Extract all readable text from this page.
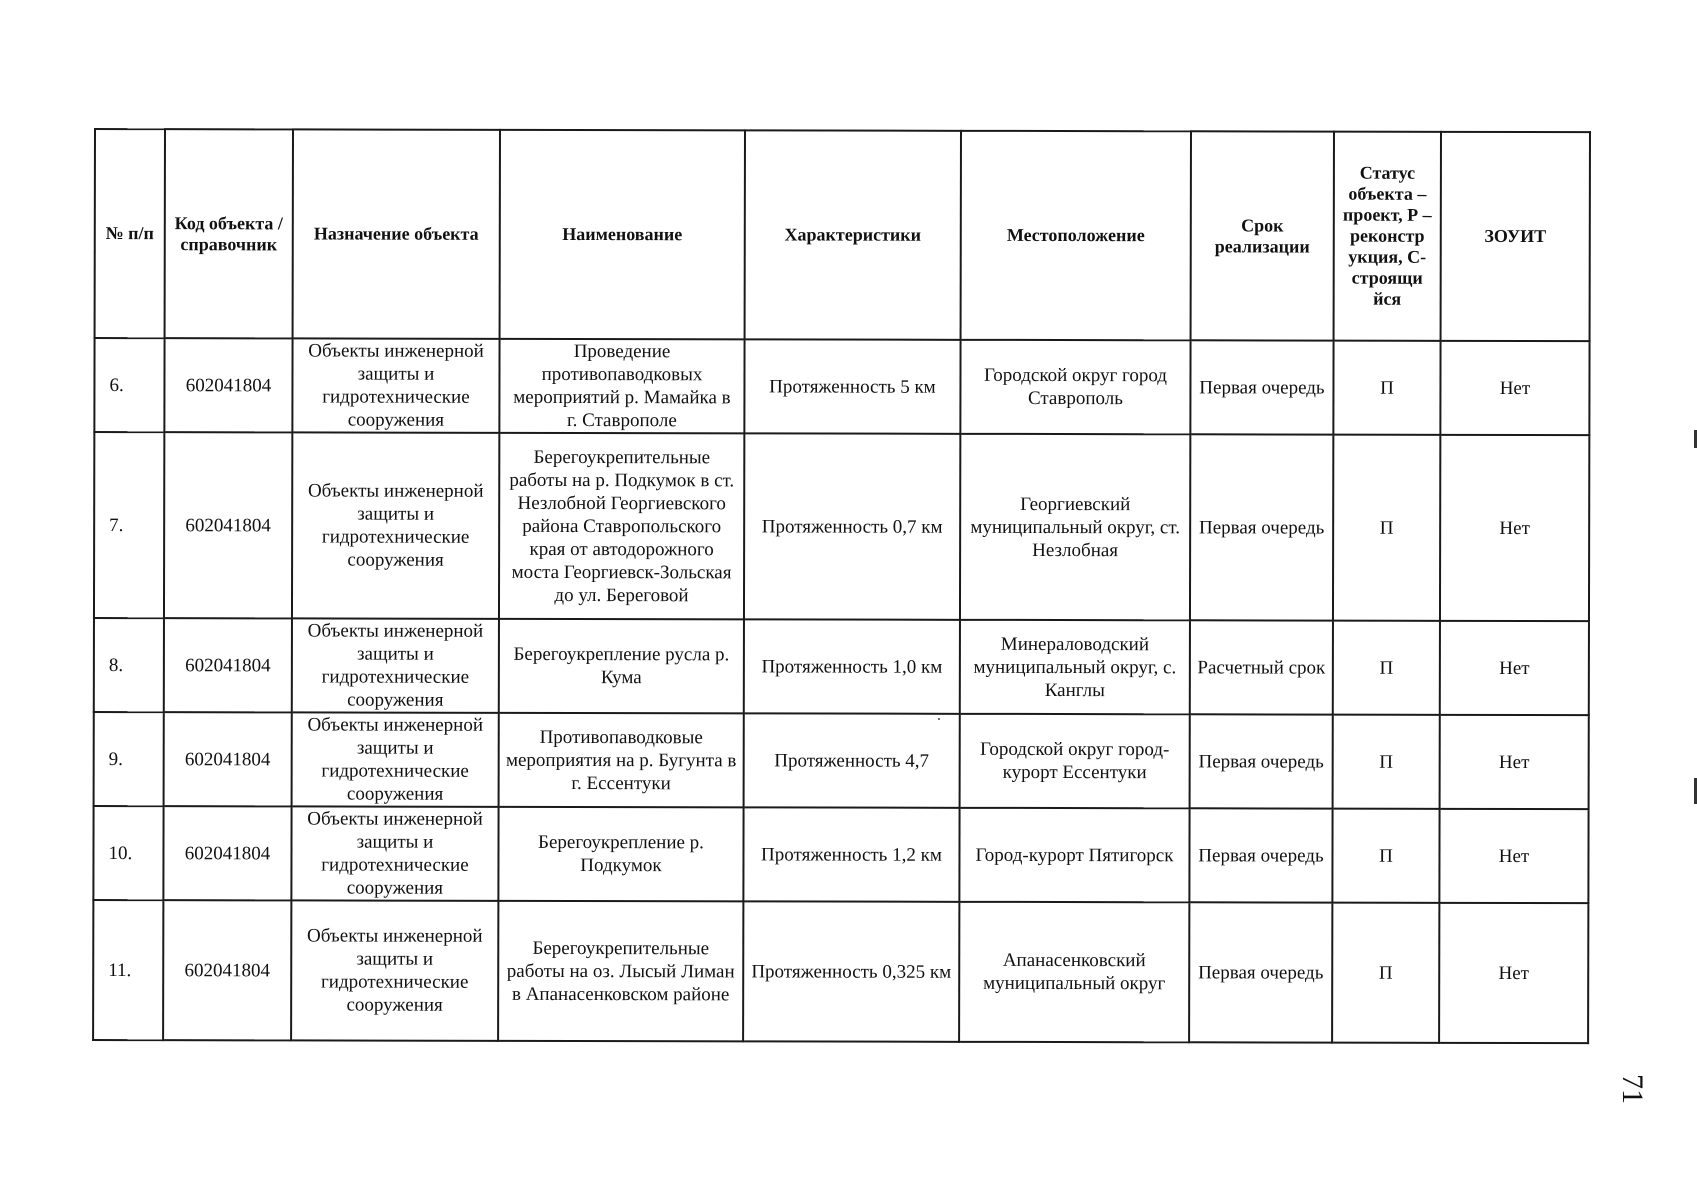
№ п/п	Код объекта / справочник	Назначение объекта	Наименование	Характеристики	Местоположение	Срок реализации	Статус объекта – проект, Р – реконстр укция, С-строящи йся	ЗОУИТ
6.	602041804	Объекты инженерной защиты и гидротехнические сооружения	Проведение противопаводковых мероприятий р. Мамайка в г. Ставрополе	Протяженность 5 км	Городской округ город Ставрополь	Первая очередь	П	Нет
7.	602041804	Объекты инженерной защиты и гидротехнические сооружения	Берегоукрепительные работы на р. Подкумок в ст. Незлобной Георгиевского района Ставропольского края от автодорожного моста Георгиевск-Зольская до ул. Береговой	Протяженность 0,7 км	Георгиевский муниципальный округ, ст. Незлобная	Первая очередь	П	Нет
8.	602041804	Объекты инженерной защиты и гидротехнические сооружения	Берегоукрепление русла р. Кума	Протяженность 1,0 км	Минераловодский муниципальный округ, с. Канглы	Расчетный срок	П	Нет
9.	602041804	Объекты инженерной защиты и гидротехнические сооружения	Противопаводковые мероприятия на р. Бугунта в г. Ессентуки	Протяженность 4,7	Городской округ город-курорт Ессентуки	Первая очередь	П	Нет
10.	602041804	Объекты инженерной защиты и гидротехнические сооружения	Берегоукрепление р. Подкумок	Протяженность 1,2 км	Город-курорт Пятигорск	Первая очередь	П	Нет
11.	602041804	Объекты инженерной защиты и гидротехнические сооружения	Берегоукрепительные работы на оз. Лысый Лиман в Апанасенковском районе	Протяженность 0,325 км	Апанасенковский муниципальный округ	Первая очередь	П	Нет
71
